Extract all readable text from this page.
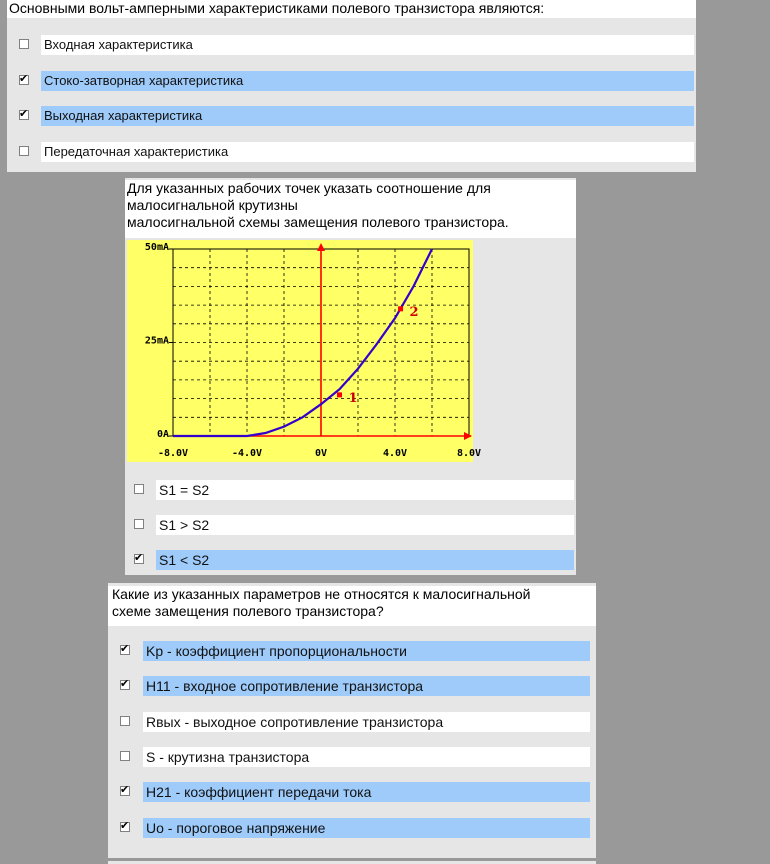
Основными вольт-амперными характеристиками полевого транзистора являются:
Входная характеристика
✔
Стоко-затворная характеристика
✔
Выходная характеристика
Передаточная характеристика
Для указанных рабочих точек указать соотношение для
малосигнальной крутизны
малосигнальной схемы замещения полевого транзистора.
1
2
-8.0V	-4.0V	0V	4.0V	8.0V
0A
25mA
50mA
S1 = S2
S1 > S2
✔
S1 < S2
Какие из указанных параметров не относятся к малосигнальной
схеме замещения полевого транзистора?
✔
Kp - коэффициент пропорциональности
✔
H11 - входное сопротивление транзистора
Rвых - выходное сопротивление транзистора
S - крутизна транзистора
✔
H21 - коэффициент передачи тока
✔
Uo - пороговое напряжение
